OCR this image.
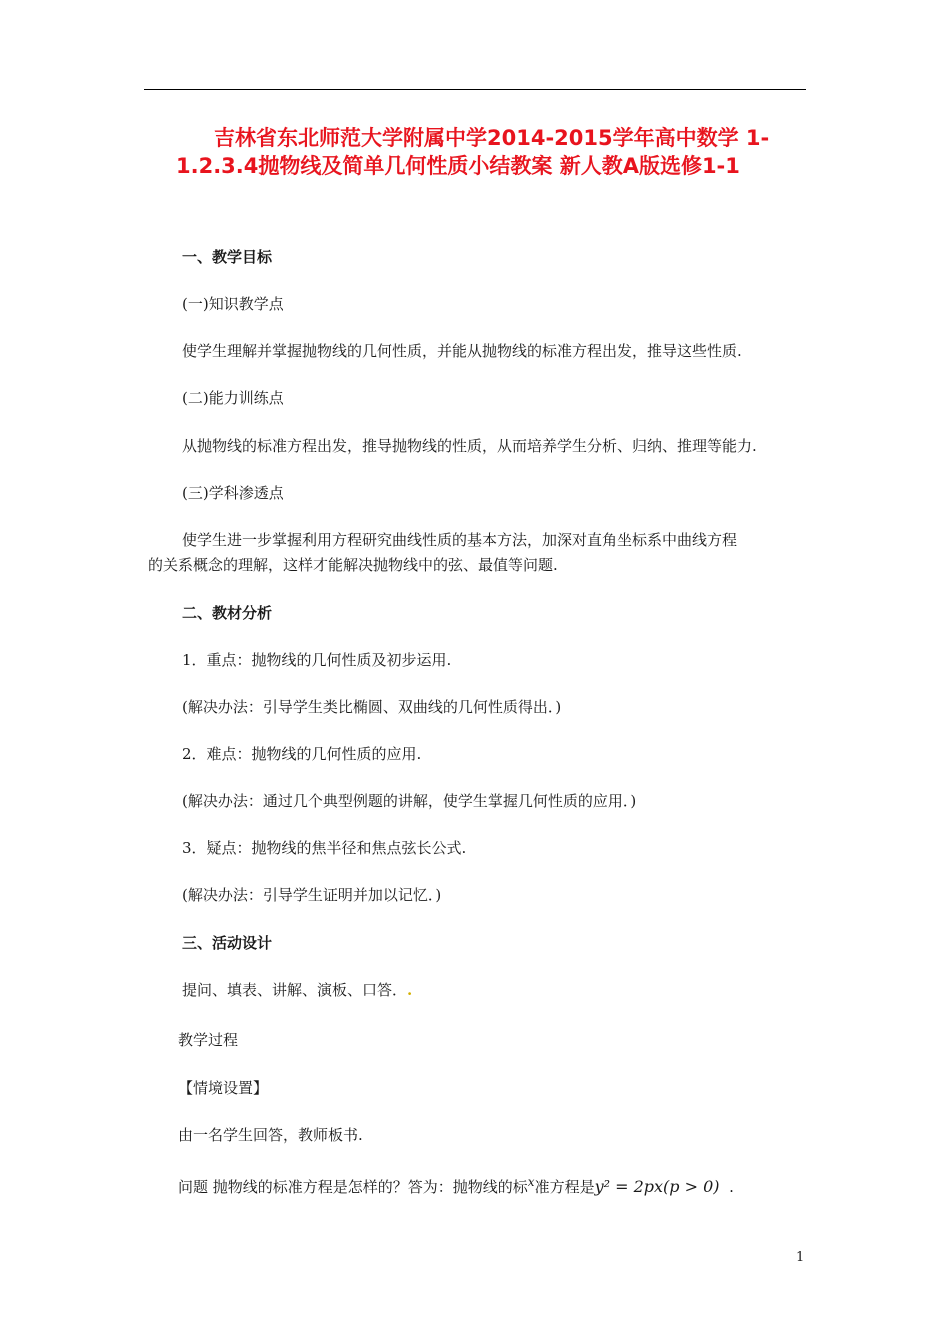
吉林省东北师范大学附属中学2014-2015学年高中数学 1-
1.2.3.4抛物线及简单几何性质小结教案 新人教A版选修1-1
一、教学目标
(一)知识教学点
使学生理解并掌握抛物线的几何性质，并能从抛物线的标准方程出发，推导这些性质.
(二)能力训练点
从抛物线的标准方程出发，推导抛物线的性质，从而培养学生分析、归纳、推理等能力.
(三)学科渗透点
使学生进一步掌握利用方程研究曲线性质的基本方法，加深对直角坐标系中曲线方程
的关系概念的理解，这样才能解决抛物线中的弦、最值等问题.
二、教材分析
1．重点：抛物线的几何性质及初步运用.
(解决办法：引导学生类比椭圆、双曲线的几何性质得出．)
2．难点：抛物线的几何性质的应用.
(解决办法：通过几个典型例题的讲解，使学生掌握几何性质的应用．)
3．疑点：抛物线的焦半径和焦点弦长公式.
(解决办法：引导学生证明并加以记忆．)
三、活动设计
提问、填表、讲解、演板、口答．.
教学过程
【情境设置】
由一名学生回答，教师板书.
问题 抛物线的标准方程是怎样的？答为：抛物线的标$^x$准方程是y² = 2px(p > 0) .
1
